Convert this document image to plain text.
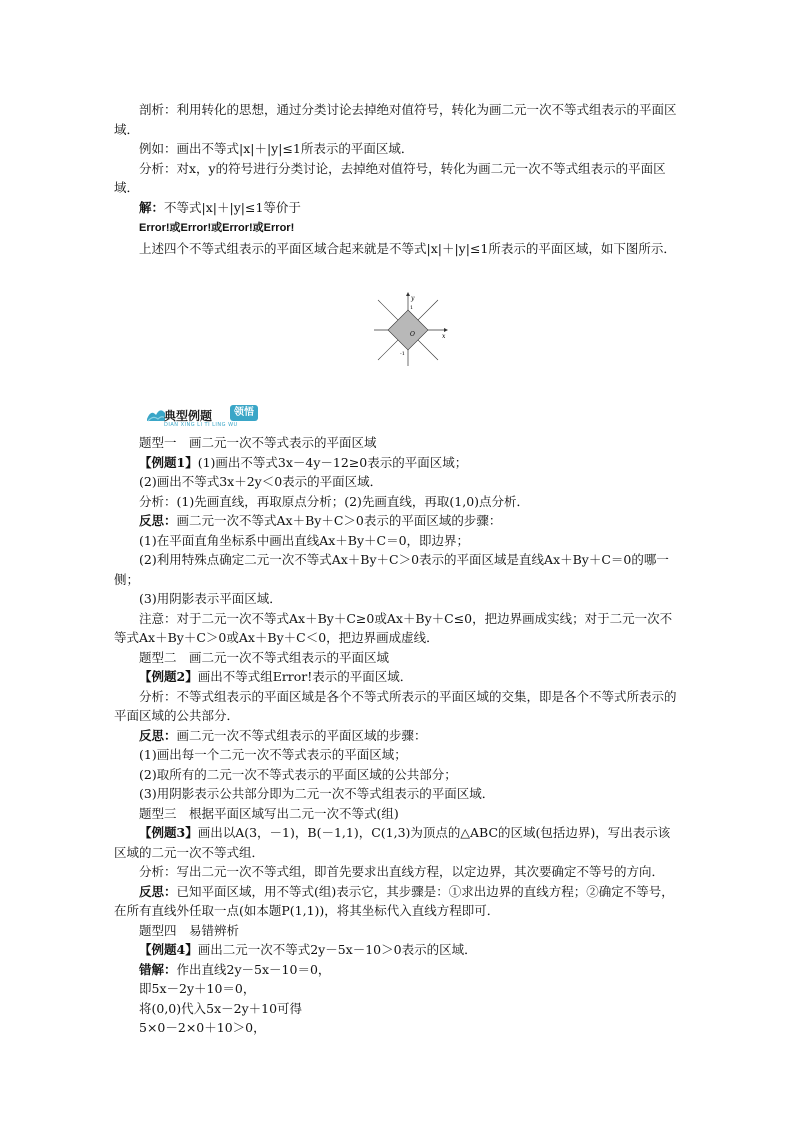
剖析：利用转化的思想，通过分类讨论去掉绝对值符号，转化为画二元一次不等式组表示的平面区域．

例如：画出不等式|x|＋|y|≤1所表示的平面区域．

分析：对x，y的符号进行分类讨论，去掉绝对值符号，转化为画二元一次不等式组表示的平面区域．

解：不等式|x|＋|y|≤1等价于

Error!或Error!或Error!或Error!

上述四个不等式组表示的平面区域合起来就是不等式|x|＋|y|≤1所表示的平面区域，如下图所示．

O	x
y
1
-1
典型例题	领悟
DIAN XING LI TI LING WU

题型一　画二元一次不等式表示的平面区域

【例题1】(1)画出不等式3x－4y－12≥0表示的平面区域；

(2)画出不等式3x＋2y＜0表示的平面区域．

分析：(1)先画直线，再取原点分析；(2)先画直线，再取(1,0)点分析．

反思：画二元一次不等式Ax＋By＋C＞0表示的平面区域的步骤：

(1)在平面直角坐标系中画出直线Ax＋By＋C＝0，即边界；

(2)利用特殊点确定二元一次不等式Ax＋By＋C＞0表示的平面区域是直线Ax＋By＋C＝0的哪一侧；

(3)用阴影表示平面区域．

注意：对于二元一次不等式Ax＋By＋C≥0或Ax＋By＋C≤0，把边界画成实线；对于二元一次不等式Ax＋By＋C＞0或Ax＋By＋C＜0，把边界画成虚线．

题型二　画二元一次不等式组表示的平面区域

【例题2】画出不等式组Error!表示的平面区域．

分析：不等式组表示的平面区域是各个不等式所表示的平面区域的交集，即是各个不等式所表示的平面区域的公共部分．

反思：画二元一次不等式组表示的平面区域的步骤：

(1)画出每一个二元一次不等式表示的平面区域；

(2)取所有的二元一次不等式表示的平面区域的公共部分；

(3)用阴影表示公共部分即为二元一次不等式组表示的平面区域．

题型三　根据平面区域写出二元一次不等式(组)

【例题3】画出以A(3，－1)，B(－1,1)，C(1,3)为顶点的△ABC的区域(包括边界)，写出表示该区域的二元一次不等式组．

分析：写出二元一次不等式组，即首先要求出直线方程，以定边界，其次要确定不等号的方向．

反思：已知平面区域，用不等式(组)表示它，其步骤是：①求出边界的直线方程；②确定不等号，在所有直线外任取一点(如本题P(1,1))，将其坐标代入直线方程即可．

题型四　易错辨析

【例题4】画出二元一次不等式2y－5x－10＞0表示的区域．

错解：作出直线2y－5x－10＝0，

即5x－2y＋10＝0，

将(0,0)代入5x－2y＋10可得

5×0－2×0＋10＞0，
